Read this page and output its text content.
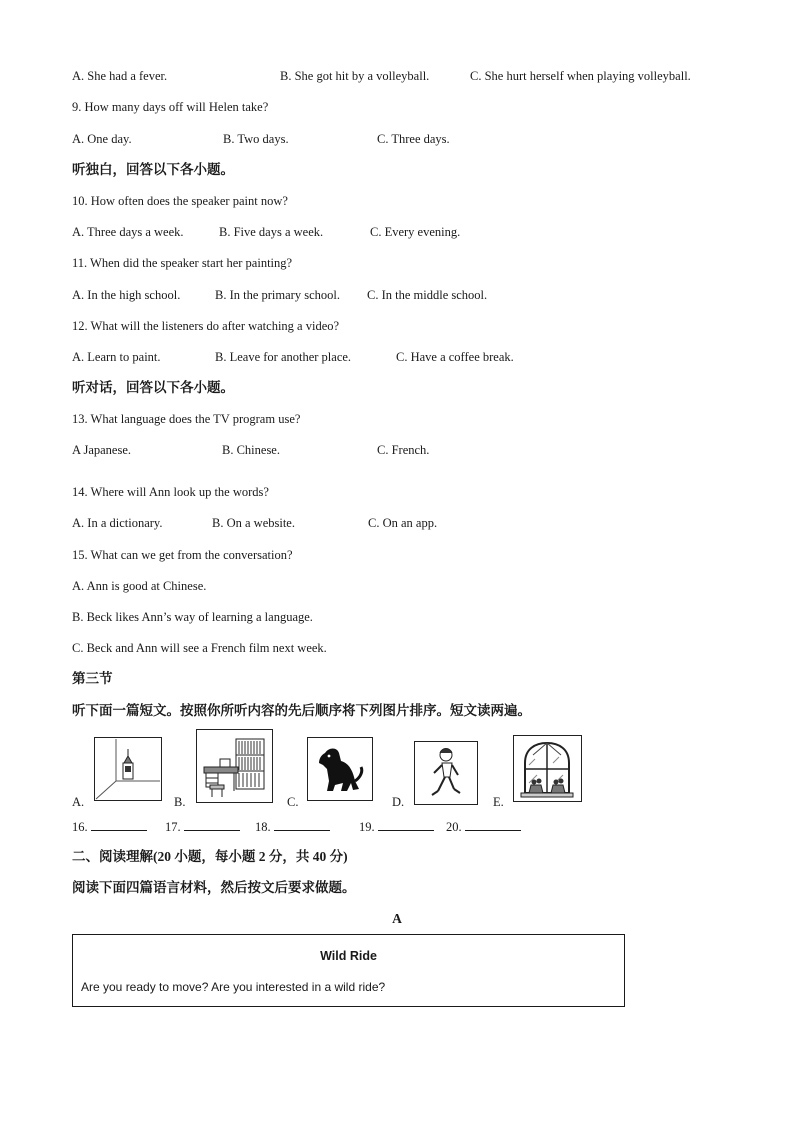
A. She had a fever.	B. She got hit by a volleyball.	C. She hurt herself when playing volleyball.
9. How many days off will Helen take?
A. One day.	B. Two days.	C. Three days.
听独白，回答以下各小题。
10. How often does the speaker paint now?
A. Three days a week.	B. Five days a week.	C. Every evening.
11. When did the speaker start her painting?
A. In the high school.	B. In the primary school. C. In the middle school.
12. What will the listeners do after watching a video?
A. Learn to paint.	B. Leave for another place.	C. Have a coffee break.
听对话，回答以下各小题。
13. What language does the TV program use?
A Japanese.	B. Chinese.	C. French.
14. Where will Ann look up the words?
A. In a dictionary.	B. On a website.	C. On an app.
15. What can we get from the conversation?
A. Ann is good at Chinese.
B. Beck likes Ann’s way of learning a language.
C. Beck and Ann will see a French film next week.
第三节
听下面一篇短文。按照你所听内容的先后顺序将下列图片排序。短文读两遍。
A.	B.	C.	D.	E.
16.	17.	18.	19.	20.
二、阅读理解(20 小题，每小题 2 分，共 40 分)
阅读下面四篇语言材料，然后按文后要求做题。
A
Wild Ride
Are you ready to move? Are you interested in a wild ride?
